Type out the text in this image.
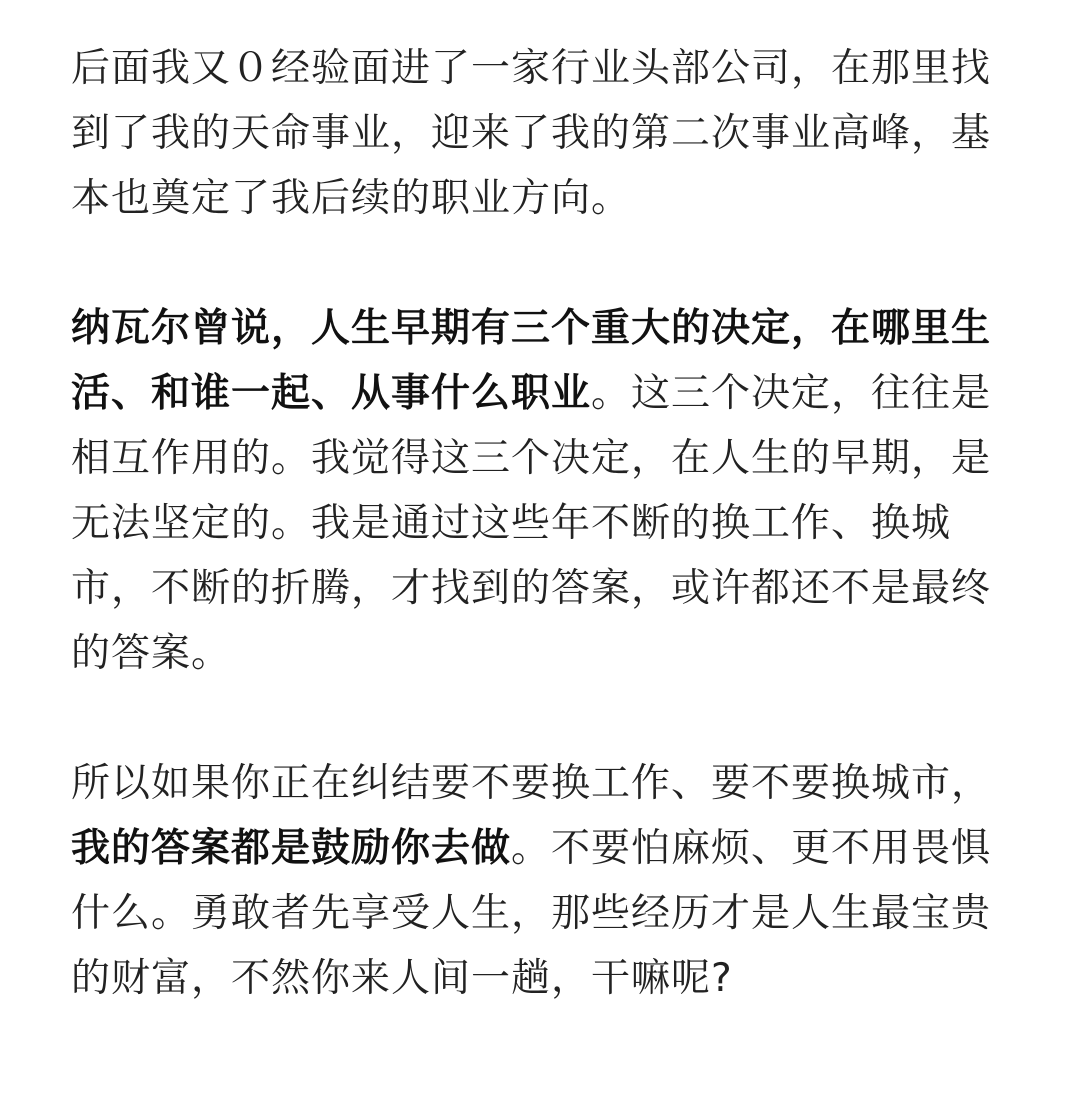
后面我又０经验面进了一家行业头部公司，在那里找到了我的天命事业，迎来了我的第二次事业高峰，基本也奠定了我后续的职业方向。

纳瓦尔曾说，人生早期有三个重大的决定，在哪里生活、和谁一起、从事什么职业。这三个决定，往往是相互作用的。我觉得这三个决定，在人生的早期，是无法坚定的。我是通过这些年不断的换工作、换城市，不断的折腾，才找到的答案，或许都还不是最终的答案。

所以如果你正在纠结要不要换工作、要不要换城市，我的答案都是鼓励你去做。不要怕麻烦、更不用畏惧什么。勇敢者先享受人生，那些经历才是人生最宝贵的财富，不然你来人间一趟，干嘛呢?
